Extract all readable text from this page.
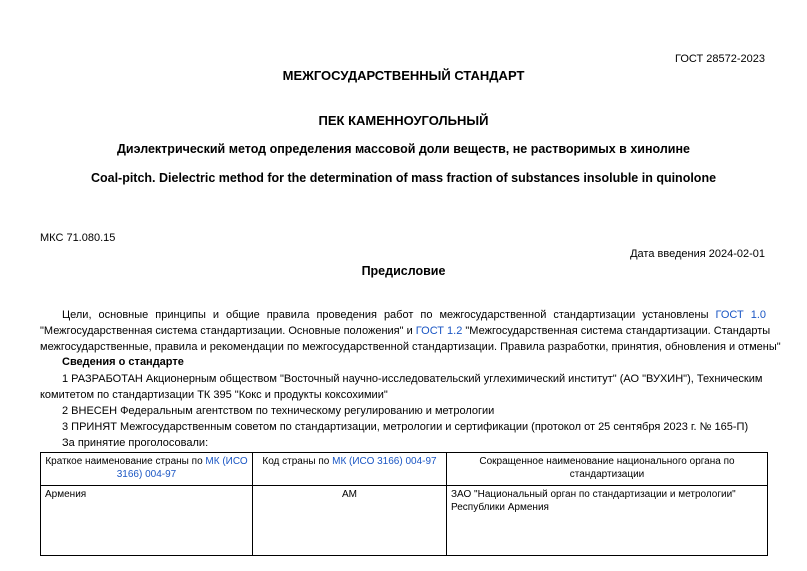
ГОСТ 28572-2023
МЕЖГОСУДАРСТВЕННЫЙ СТАНДАРТ
ПЕК КАМЕННОУГОЛЬНЫЙ
Диэлектрический метод определения массовой доли веществ, не растворимых в хинолине
Coal-pitch. Dielectric method for the determination of mass fraction of substances insoluble in quinolone
МКС 71.080.15
Дата введения 2024-02-01
Предисловие
Цели, основные принципы и общие правила проведения работ по межгосударственной стандартизации установлены ГОСТ 1.0
"Межгосударственная система стандартизации. Основные положения" и ГОСТ 1.2 "Межгосударственная система стандартизации. Стандарты
межгосударственные, правила и рекомендации по межгосударственной стандартизации. Правила разработки, принятия, обновления и отмены"
Сведения о стандарте
1 РАЗРАБОТАН Акционерным обществом "Восточный научно-исследовательский углехимический институт" (АО "ВУХИН"), Техническим
комитетом по стандартизации ТК 395 "Кокс и продукты коксохимии"
2 ВНЕСЕН Федеральным агентством по техническому регулированию и метрологии
3 ПРИНЯТ Межгосударственным советом по стандартизации, метрологии и сертификации (протокол от 25 сентября 2023 г. № 165-П)
За принятие проголосовали:
Краткое наименование страны по МК (ИСО 3166) 004-97	Код страны по МК (ИСО 3166) 004-97	Сокращенное наименование национального органа по стандартизации
Армения	AM	ЗАО "Национальный орган по стандартизации и метрологии"
Республики Армения
